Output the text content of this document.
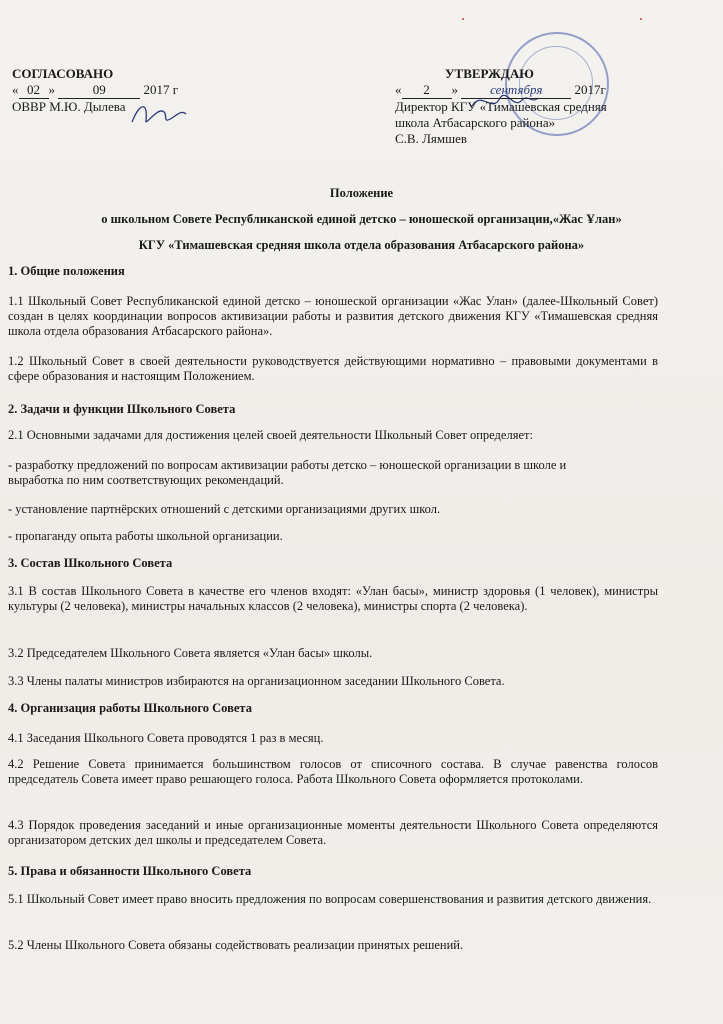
СОГЛАСОВАНО
« 02 »	09	2017 г
ОВВР М.Ю. Дылева
УТВЕРЖДАЮ
« 2 » сентября 2017г
Директор КГУ «Тимашевская средняя
школа Атбасарского района»
С.В. Лямшев
Положение
о школьном Совете Республиканской единой детско – юношеской организации,«Жас Ұлан»
КГУ «Тимашевская средняя школа отдела образования Атбасарского района»
1. Общие положения
1.1 Школьный Совет Республиканской единой детско – юношеской организации «Жас Улан» (далее-Школьный Совет) создан в целях координации вопросов активизации работы и развития детского движения КГУ «Тимашевская средняя школа отдела образования Атбасарского района».
1.2 Школьный Совет в своей деятельности руководствуется действующими нормативно – правовыми документами в сфере образования и настоящим Положением.
2. Задачи и функции Школьного Совета
2.1 Основными задачами для достижения целей своей деятельности Школьный Совет определяет:
- разработку предложений по вопросам активизации работы детско – юношеской организации в школе и выработка по ним соответствующих рекомендаций.
- установление партнёрских отношений с детскими организациями других школ.
- пропаганду опыта работы школьной организации.
3. Состав Школьного Совета
3.1 В состав Школьного Совета в качестве его членов входят: «Улан басы», министр здоровья (1 человек), министры культуры (2 человека), министры начальных классов (2 человека), министры спорта (2 человека).
3.2 Председателем Школьного Совета является «Улан басы» школы.
3.3 Члены палаты министров избираются на организационном заседании Школьного Совета.
4. Организация работы Школьного Совета
4.1 Заседания Школьного Совета проводятся 1 раз в месяц.
4.2 Решение Совета принимается большинством голосов от списочного состава. В случае равенства голосов председатель Совета имеет право решающего голоса. Работа Школьного Совета оформляется протоколами.
4.3 Порядок проведения заседаний и иные организационные моменты деятельности Школьного Совета определяются организатором детских дел школы и председателем Совета.
5. Права и обязанности Школьного Совета
5.1 Школьный Совет имеет право вносить предложения по вопросам совершенствования и развития детского движения.
5.2 Члены Школьного Совета обязаны содействовать реализации принятых решений.
